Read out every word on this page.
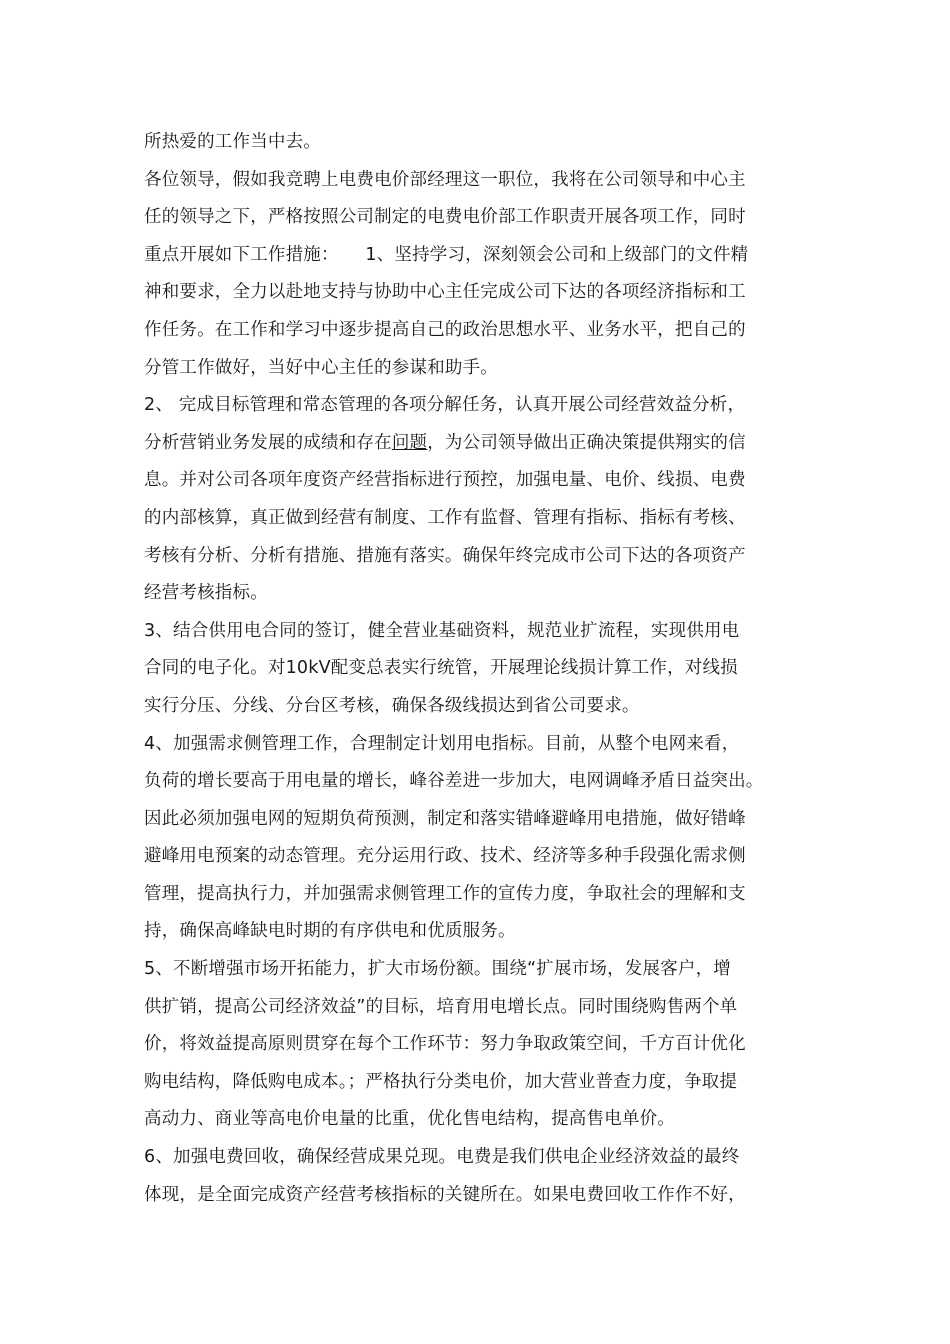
所热爱的工作当中去。
各位领导，假如我竞聘上电费电价部经理这一职位，我将在公司领导和中心主
任的领导之下，严格按照公司制定的电费电价部工作职责开展各项工作，同时
重点开展如下工作措施：　　1、坚持学习，深刻领会公司和上级部门的文件精
神和要求，全力以赴地支持与协助中心主任完成公司下达的各项经济指标和工
作任务。在工作和学习中逐步提高自己的政治思想水平、业务水平，把自己的
分管工作做好，当好中心主任的参谋和助手。
2、 完成目标管理和常态管理的各项分解任务，认真开展公司经营效益分析，
分析营销业务发展的成绩和存在问题，为公司领导做出正确决策提供翔实的信
息。并对公司各项年度资产经营指标进行预控，加强电量、电价、线损、电费
的内部核算，真正做到经营有制度、工作有监督、管理有指标、指标有考核、
考核有分析、分析有措施、措施有落实。确保年终完成市公司下达的各项资产
经营考核指标。
3、结合供用电合同的签订，健全营业基础资料，规范业扩流程，实现供用电
合同的电子化。对10kV配变总表实行统管，开展理论线损计算工作，对线损
实行分压、分线、分台区考核，确保各级线损达到省公司要求。
4、加强需求侧管理工作，合理制定计划用电指标。目前，从整个电网来看，
负荷的增长要高于用电量的增长，峰谷差进一步加大，电网调峰矛盾日益突出。
因此必须加强电网的短期负荷预测，制定和落实错峰避峰用电措施，做好错峰
避峰用电预案的动态管理。充分运用行政、技术、经济等多种手段强化需求侧
管理，提高执行力，并加强需求侧管理工作的宣传力度，争取社会的理解和支
持，确保高峰缺电时期的有序供电和优质服务。
5、不断增强市场开拓能力，扩大市场份额。围绕“扩展市场，发展客户，增
供扩销，提高公司经济效益”的目标，培育用电增长点。同时围绕购售两个单
价，将效益提高原则贯穿在每个工作环节：努力争取政策空间，千方百计优化
购电结构，降低购电成本。；严格执行分类电价，加大营业普查力度，争取提
高动力、商业等高电价电量的比重，优化售电结构，提高售电单价。
6、加强电费回收，确保经营成果兑现。电费是我们供电企业经济效益的最终
体现，是全面完成资产经营考核指标的关键所在。如果电费回收工作作不好，
